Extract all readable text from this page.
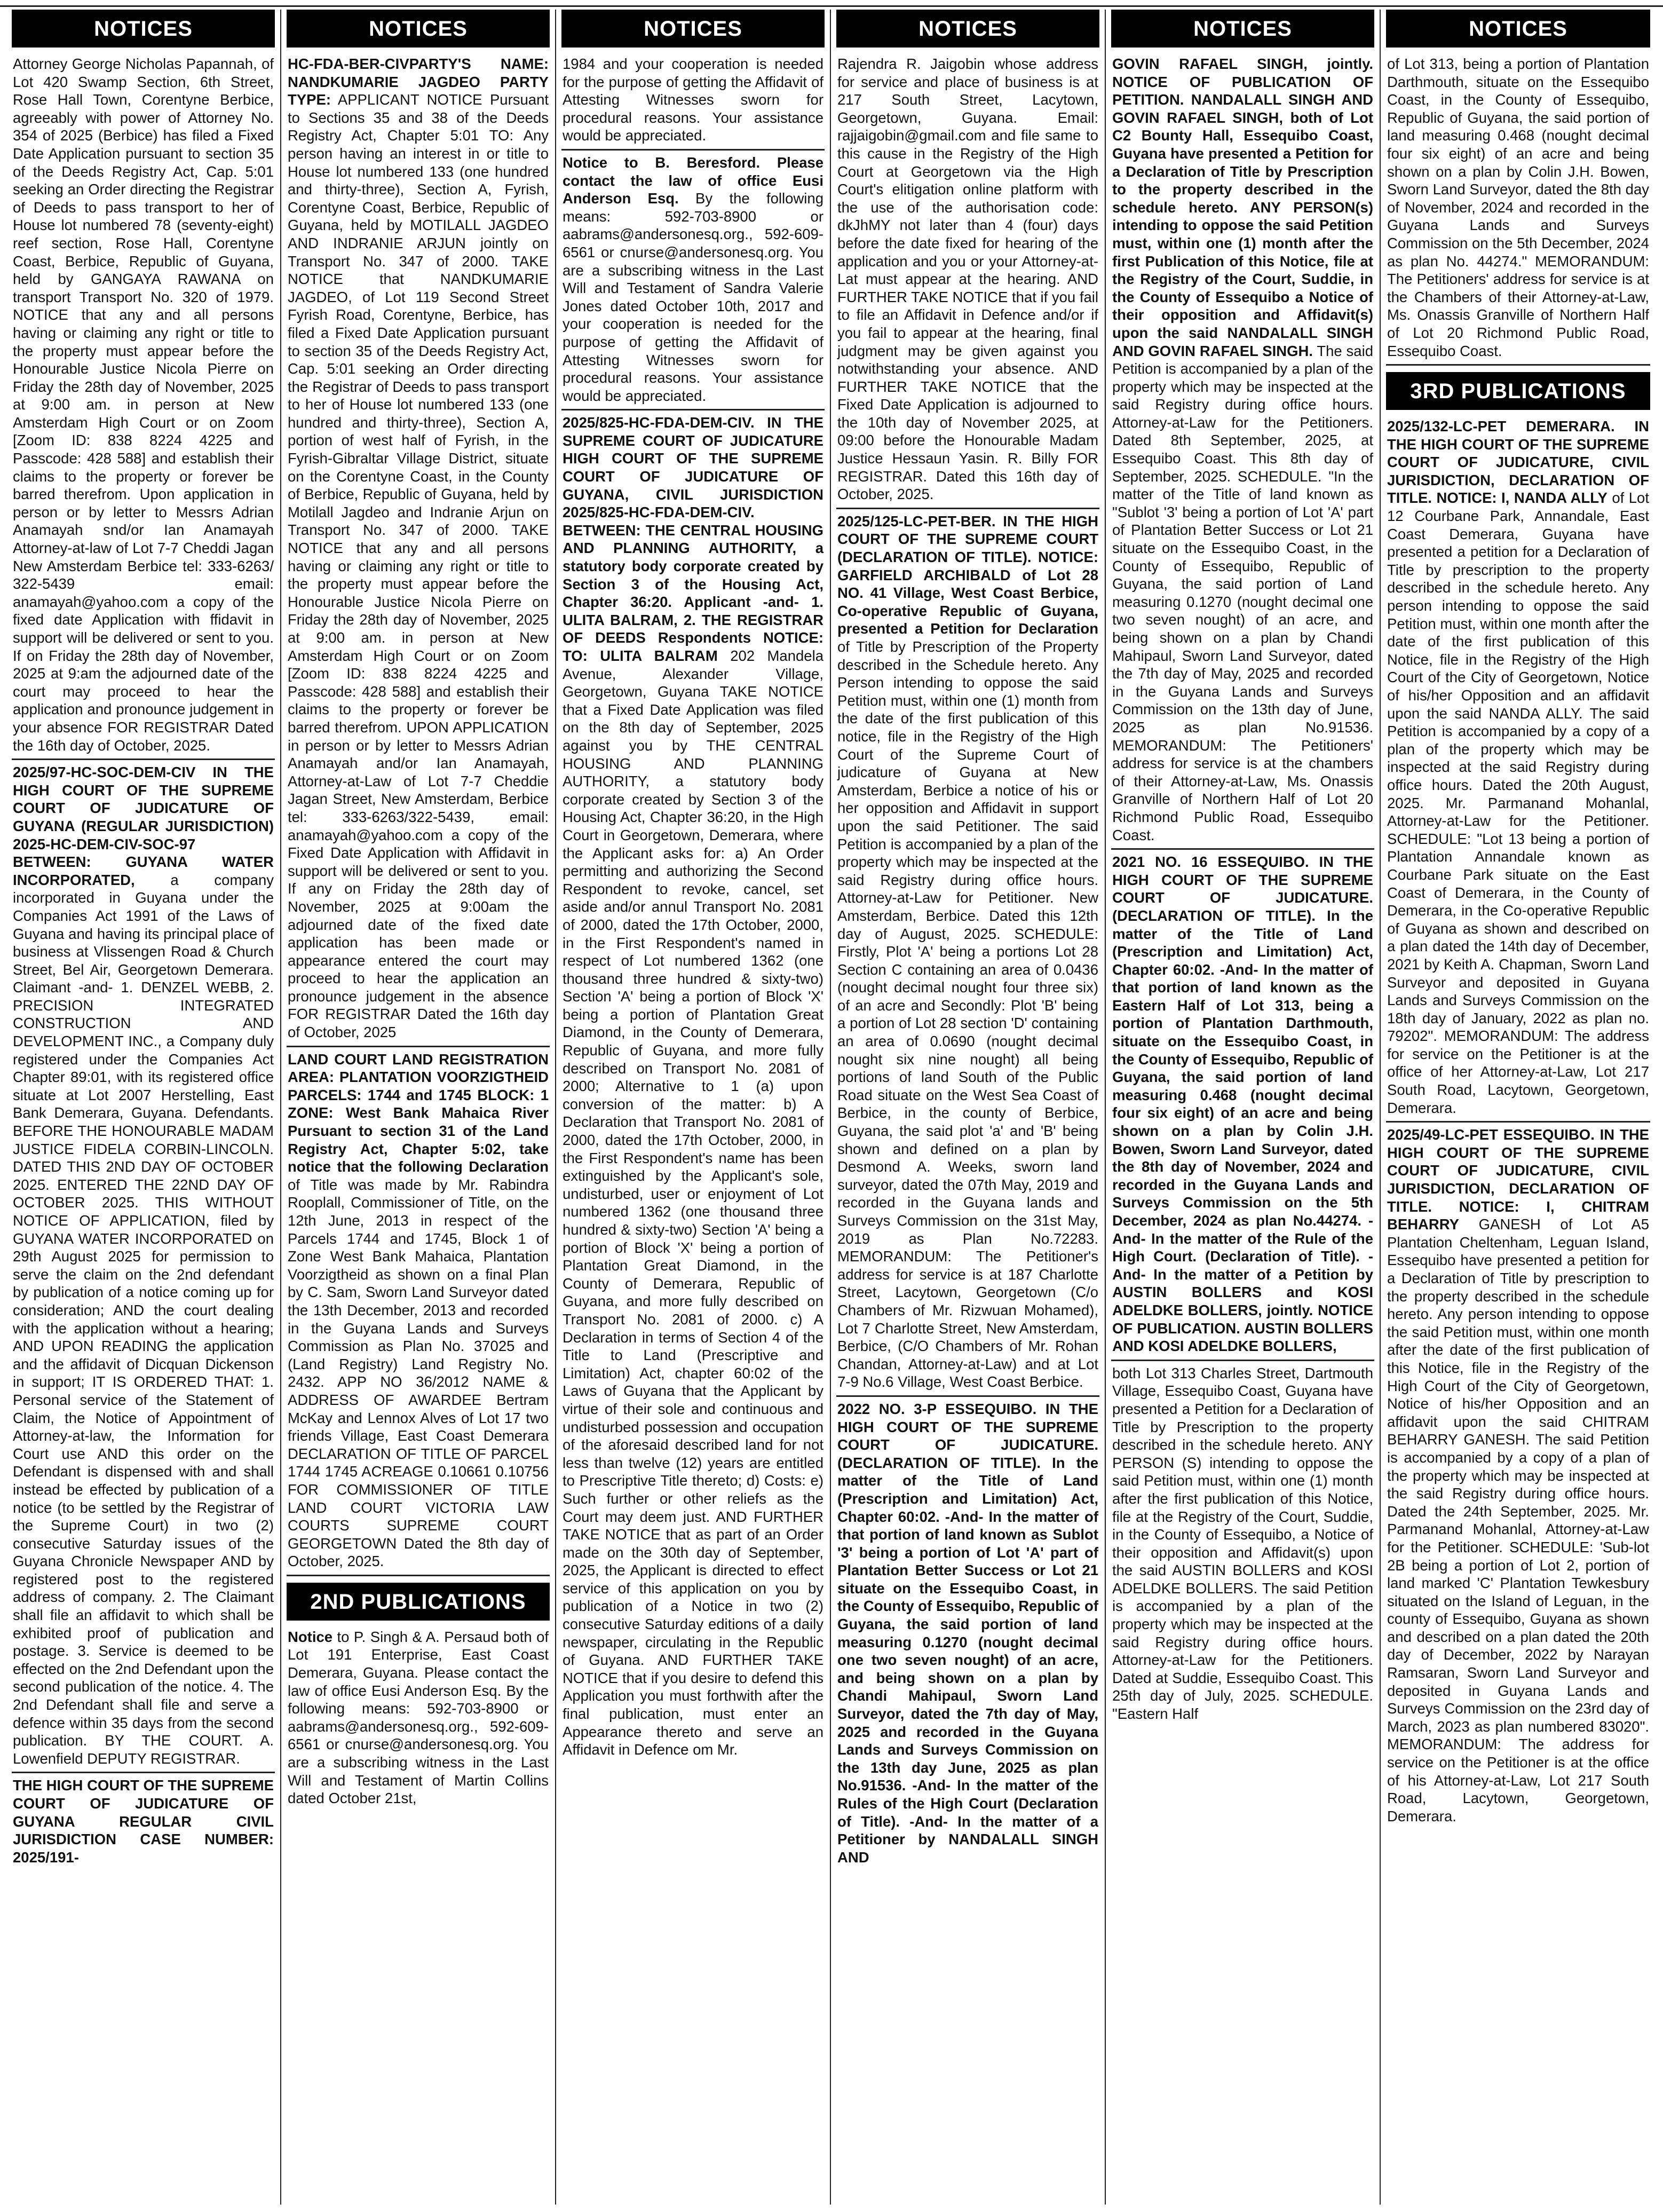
NOTICES

Attorney George Nicholas Papannah, of Lot 420 Swamp Section, 6th Street, Rose Hall Town, Corentyne Berbice, agreeably with power of Attorney No. 354 of 2025 (Berbice) has filed a Fixed Date Application pursuant to section 35 of the Deeds Registry Act, Cap. 5:01 seeking an Order directing the Registrar of Deeds to pass transport to her of House lot numbered 78 (seventy-eight) reef section, Rose Hall, Corentyne Coast, Berbice, Republic of Guyana, held by GANGAYA RAWANA on transport Transport No. 320 of 1979. NOTICE that any and all persons having or claiming any right or title to the property must appear before the Honourable Justice Nicola Pierre on Friday the 28th day of November, 2025 at 9:00 am. in person at New Amsterdam High Court or on Zoom [Zoom ID: 838 8224 4225 and Passcode: 428 588] and establish their claims to the property or forever be barred therefrom. Upon application in person or by letter to Messrs Adrian Anamayah snd/or Ian Anamayah Attorney-at-law of Lot 7-7 Cheddi Jagan New Amsterdam Berbice tel: 333-6263/ 322-5439 email: anamayah@yahoo.com a copy of the fixed date Application with ffidavit in support will be delivered or sent to you. If on Friday the 28th day of November, 2025 at 9:am the adjourned date of the court may proceed to hear the application and pronounce judgement in your absence FOR REGISTRAR Dated the 16th day of October, 2025.

2025/97-HC-SOC-DEM-CIV IN THE HIGH COURT OF THE SUPREME COURT OF JUDICATURE OF GUYANA (REGULAR JURISDICTION) 2025-HC-DEM-CIV-SOC-97 BETWEEN: GUYANA WATER INCORPORATED, a company incorporated in Guyana under the Companies Act 1991 of the Laws of Guyana and having its principal place of business at Vlissengen Road & Church Street, Bel Air, Georgetown Demerara. Claimant -and- 1. DENZEL WEBB, 2. PRECISION INTEGRATED CONSTRUCTION AND DEVELOPMENT INC., a Company duly registered under the Companies Act Chapter 89:01, with its registered office situate at Lot 2007 Herstelling, East Bank Demerara, Guyana. Defendants. BEFORE THE HONOURABLE MADAM JUSTICE FIDELA CORBIN-LINCOLN. DATED THIS 2ND DAY OF OCTOBER 2025. ENTERED THE 22ND DAY OF OCTOBER 2025. THIS WITHOUT NOTICE OF APPLICATION, filed by GUYANA WATER INCORPORATED on 29th August 2025 for permission to serve the claim on the 2nd defendant by publication of a notice coming up for consideration; AND the court dealing with the application without a hearing; AND UPON READING the application and the affidavit of Dicquan Dickenson in support; IT IS ORDERED THAT: 1. Personal service of the Statement of Claim, the Notice of Appointment of Attorney-at-law, the Information for Court use AND this order on the Defendant is dispensed with and shall instead be effected by publication of a notice (to be settled by the Registrar of the Supreme Court) in two (2) consecutive Saturday issues of the Guyana Chronicle Newspaper AND by registered post to the registered address of company. 2. The Claimant shall file an affidavit to which shall be exhibited proof of publication and postage. 3. Service is deemed to be effected on the 2nd Defendant upon the second publication of the notice. 4. The 2nd Defendant shall file and serve a defence within 35 days from the second publication. BY THE COURT. A. Lowenfield DEPUTY REGISTRAR.

THE HIGH COURT OF THE SUPREME COURT OF JUDICATURE OF GUYANA REGULAR CIVIL JURISDICTION CASE NUMBER: 2025/191-

NOTICES

HC-FDA-BER-CIVPARTY'S NAME: NANDKUMARIE JAGDEO PARTY TYPE: APPLICANT NOTICE Pursuant to Sections 35 and 38 of the Deeds Registry Act, Chapter 5:01 TO: Any person having an interest in or title to House lot numbered 133 (one hundred and thirty-three), Section A, Fyrish, Corentyne Coast, Berbice, Republic of Guyana, held by MOTILALL JAGDEO AND INDRANIE ARJUN jointly on Transport No. 347 of 2000. TAKE NOTICE that NANDKUMARIE JAGDEO, of Lot 119 Second Street Fyrish Road, Corentyne, Berbice, has filed a Fixed Date Application pursuant to section 35 of the Deeds Registry Act, Cap. 5:01 seeking an Order directing the Registrar of Deeds to pass transport to her of House lot numbered 133 (one hundred and thirty-three), Section A, portion of west half of Fyrish, in the Fyrish-Gibraltar Village District, situate on the Corentyne Coast, in the County of Berbice, Republic of Guyana, held by Motilall Jagdeo and Indranie Arjun on Transport No. 347 of 2000. TAKE NOTICE that any and all persons having or claiming any right or title to the property must appear before the Honourable Justice Nicola Pierre on Friday the 28th day of November, 2025 at 9:00 am. in person at New Amsterdam High Court or on Zoom [Zoom ID: 838 8224 4225 and Passcode: 428 588] and establish their claims to the property or forever be barred therefrom. UPON APPLICATION in person or by letter to Messrs Adrian Anamayah and/or Ian Anamayah, Attorney-at-Law of Lot 7-7 Cheddie Jagan Street, New Amsterdam, Berbice tel: 333-6263/322-5439, email: anamayah@yahoo.com a copy of the Fixed Date Application with Affidavit in support will be delivered or sent to you. If any on Friday the 28th day of November, 2025 at 9:00am the adjourned date of the fixed date application has been made or appearance entered the court may proceed to hear the application an pronounce judgement in the absence FOR REGISTRAR Dated the 16th day of October, 2025

LAND COURT LAND REGISTRATION AREA: PLANTATION VOORZIGTHEID PARCELS: 1744 and 1745 BLOCK: 1 ZONE: West Bank Mahaica River Pursuant to section 31 of the Land Registry Act, Chapter 5:02, take notice that the following Declaration of Title was made by Mr. Rabindra Rooplall, Commissioner of Title, on the 12th June, 2013 in respect of the Parcels 1744 and 1745, Block 1 of Zone West Bank Mahaica, Plantation Voorzigtheid as shown on a final Plan by C. Sam, Sworn Land Surveyor dated the 13th December, 2013 and recorded in the Guyana Lands and Surveys Commission as Plan No. 37025 and (Land Registry) Land Registry No. 2432. APP NO 36/2012 NAME & ADDRESS OF AWARDEE Bertram McKay and Lennox Alves of Lot 17 two friends Village, East Coast Demerara DECLARATION OF TITLE OF PARCEL 1744 1745 ACREAGE 0.10661 0.10756 FOR COMMISSIONER OF TITLE LAND COURT VICTORIA LAW COURTS SUPREME COURT GEORGETOWN Dated the 8th day of October, 2025.

2ND PUBLICATIONS

Notice to P. Singh & A. Persaud both of Lot 191 Enterprise, East Coast Demerara, Guyana. Please contact the law of office Eusi Anderson Esq. By the following means: 592-703-8900 or aabrams@andersonesq.org., 592-609-6561 or cnurse@andersonesq.org. You are a subscribing witness in the Last Will and Testament of Martin Collins dated October 21st,

NOTICES

1984 and your cooperation is needed for the purpose of getting the Affidavit of Attesting Witnesses sworn for procedural reasons. Your assistance would be appreciated.

Notice to B. Beresford. Please contact the law of office Eusi Anderson Esq. By the following means: 592-703-8900 or aabrams@andersonesq.org., 592-609-6561 or cnurse@andersonesq.org. You are a subscribing witness in the Last Will and Testament of Sandra Valerie Jones dated October 10th, 2017 and your cooperation is needed for the purpose of getting the Affidavit of Attesting Witnesses sworn for procedural reasons. Your assistance would be appreciated.

2025/825-HC-FDA-DEM-CIV. IN THE SUPREME COURT OF JUDICATURE HIGH COURT OF THE SUPREME COURT OF JUDICATURE OF GUYANA, CIVIL JURISDICTION 2025/825-HC-FDA-DEM-CIV. BETWEEN: THE CENTRAL HOUSING AND PLANNING AUTHORITY, a statutory body corporate created by Section 3 of the Housing Act, Chapter 36:20. Applicant -and- 1. ULITA BALRAM, 2. THE REGISTRAR OF DEEDS Respondents NOTICE: TO: ULITA BALRAM 202 Mandela Avenue, Alexander Village, Georgetown, Guyana TAKE NOTICE that a Fixed Date Application was filed on the 8th day of September, 2025 against you by THE CENTRAL HOUSING AND PLANNING AUTHORITY, a statutory body corporate created by Section 3 of the Housing Act, Chapter 36:20, in the High Court in Georgetown, Demerara, where the Applicant asks for: a) An Order permitting and authorizing the Second Respondent to revoke, cancel, set aside and/or annul Transport No. 2081 of 2000, dated the 17th October, 2000, in the First Respondent's named in respect of Lot numbered 1362 (one thousand three hundred & sixty-two) Section 'A' being a portion of Block 'X' being a portion of Plantation Great Diamond, in the County of Demerara, Republic of Guyana, and more fully described on Transport No. 2081 of 2000; Alternative to 1 (a) upon conversion of the matter: b) A Declaration that Transport No. 2081 of 2000, dated the 17th October, 2000, in the First Respondent's name has been extinguished by the Applicant's sole, undisturbed, user or enjoyment of Lot numbered 1362 (one thousand three hundred & sixty-two) Section 'A' being a portion of Block 'X' being a portion of Plantation Great Diamond, in the County of Demerara, Republic of Guyana, and more fully described on Transport No. 2081 of 2000. c) A Declaration in terms of Section 4 of the Title to Land (Prescriptive and Limitation) Act, chapter 60:02 of the Laws of Guyana that the Applicant by virtue of their sole and continuous and undisturbed possession and occupation of the aforesaid described land for not less than twelve (12) years are entitled to Prescriptive Title thereto; d) Costs: e) Such further or other reliefs as the Court may deem just. AND FURTHER TAKE NOTICE that as part of an Order made on the 30th day of September, 2025, the Applicant is directed to effect service of this application on you by publication of a Notice in two (2) consecutive Saturday editions of a daily newspaper, circulating in the Republic of Guyana. AND FURTHER TAKE NOTICE that if you desire to defend this Application you must forthwith after the final publication, must enter an Appearance thereto and serve an Affidavit in Defence om Mr.

NOTICES

Rajendra R. Jaigobin whose address for service and place of business is at 217 South Street, Lacytown, Georgetown, Guyana. Email: rajjaigobin@gmail.com and file same to this cause in the Registry of the High Court at Georgetown via the High Court's elitigation online platform with the use of the authorisation code: dkJhMY not later than 4 (four) days before the date fixed for hearing of the application and you or your Attorney-at-Lat must appear at the hearing. AND FURTHER TAKE NOTICE that if you fail to file an Affidavit in Defence and/or if you fail to appear at the hearing, final judgment may be given against you notwithstanding your absence. AND FURTHER TAKE NOTICE that the Fixed Date Application is adjourned to the 10th day of November 2025, at 09:00 before the Honourable Madam Justice Hessaun Yasin. R. Billy FOR REGISTRAR. Dated this 16th day of October, 2025.

2025/125-LC-PET-BER. IN THE HIGH COURT OF THE SUPREME COURT (DECLARATION OF TITLE). NOTICE: GARFIELD ARCHIBALD of Lot 28 NO. 41 Village, West Coast Berbice, Co-operative Republic of Guyana, presented a Petition for Declaration of Title by Prescription of the Property described in the Schedule hereto. Any Person intending to oppose the said Petition must, within one (1) month from the date of the first publication of this notice, file in the Registry of the High Court of the Supreme Court of judicature of Guyana at New Amsterdam, Berbice a notice of his or her opposition and Affidavit in support upon the said Petitioner. The said Petition is accompanied by a plan of the property which may be inspected at the said Registry during office hours. Attorney-at-Law for Petitioner. New Amsterdam, Berbice. Dated this 12th day of August, 2025. SCHEDULE: Firstly, Plot 'A' being a portions Lot 28 Section C containing an area of 0.0436 (nought decimal nought four three six) of an acre and Secondly: Plot 'B' being a portion of Lot 28 section 'D' containing an area of 0.0690 (nought decimal nought six nine nought) all being portions of land South of the Public Road situate on the West Sea Coast of Berbice, in the county of Berbice, Guyana, the said plot 'a' and 'B' being shown and defined on a plan by Desmond A. Weeks, sworn land surveyor, dated the 07th May, 2019 and recorded in the Guyana lands and Surveys Commission on the 31st May, 2019 as Plan No.72283. MEMORANDUM: The Petitioner's address for service is at 187 Charlotte Street, Lacytown, Georgetown (C/o Chambers of Mr. Rizwuan Mohamed), Lot 7 Charlotte Street, New Amsterdam, Berbice, (C/O Chambers of Mr. Rohan Chandan, Attorney-at-Law) and at Lot 7-9 No.6 Village, West Coast Berbice.

2022 NO. 3-P ESSEQUIBO. IN THE HIGH COURT OF THE SUPREME COURT OF JUDICATURE. (DECLARATION OF TITLE). In the matter of the Title of Land (Prescription and Limitation) Act, Chapter 60:02. -And- In the matter of that portion of land known as Sublot '3' being a portion of Lot 'A' part of Plantation Better Success or Lot 21 situate on the Essequibo Coast, in the County of Essequibo, Republic of Guyana, the said portion of land measuring 0.1270 (nought decimal one two seven nought) of an acre, and being shown on a plan by Chandi Mahipaul, Sworn Land Surveyor, dated the 7th day of May, 2025 and recorded in the Guyana Lands and Surveys Commission on the 13th day June, 2025 as plan No.91536. -And- In the matter of the Rules of the High Court (Declaration of Title). -And- In the matter of a Petitioner by NANDALALL SINGH AND

NOTICES

GOVIN RAFAEL SINGH, jointly. NOTICE OF PUBLICATION OF PETITION. NANDALALL SINGH AND GOVIN RAFAEL SINGH, both of Lot C2 Bounty Hall, Essequibo Coast, Guyana have presented a Petition for a Declaration of Title by Prescription to the property described in the schedule hereto. ANY PERSON(s) intending to oppose the said Petition must, within one (1) month after the first Publication of this Notice, file at the Registry of the Court, Suddie, in the County of Essequibo a Notice of their opposition and Affidavit(s) upon the said NANDALALL SINGH AND GOVIN RAFAEL SINGH. The said Petition is accompanied by a plan of the property which may be inspected at the said Registry during office hours. Attorney-at-Law for the Petitioners. Dated 8th September, 2025, at Essequibo Coast. This 8th day of September, 2025. SCHEDULE. "In the matter of the Title of land known as "Sublot '3' being a portion of Lot 'A' part of Plantation Better Success or Lot 21 situate on the Essequibo Coast, in the County of Essequibo, Republic of Guyana, the said portion of Land measuring 0.1270 (nought decimal one two seven nought) of an acre, and being shown on a plan by Chandi Mahipaul, Sworn Land Surveyor, dated the 7th day of May, 2025 and recorded in the Guyana Lands and Surveys Commission on the 13th day of June, 2025 as plan No.91536. MEMORANDUM: The Petitioners' address for service is at the chambers of their Attorney-at-Law, Ms. Onassis Granville of Northern Half of Lot 20 Richmond Public Road, Essequibo Coast.

2021 NO. 16 ESSEQUIBO. IN THE HIGH COURT OF THE SUPREME COURT OF JUDICATURE. (DECLARATION OF TITLE). In the matter of the Title of Land (Prescription and Limitation) Act, Chapter 60:02. -And- In the matter of that portion of land known as the Eastern Half of Lot 313, being a portion of Plantation Darthmouth, situate on the Essequibo Coast, in the County of Essequibo, Republic of Guyana, the said portion of land measuring 0.468 (nought decimal four six eight) of an acre and being shown on a plan by Colin J.H. Bowen, Sworn Land Surveyor, dated the 8th day of November, 2024 and recorded in the Guyana Lands and Surveys Commission on the 5th December, 2024 as plan No.44274. -And- In the matter of the Rule of the High Court. (Declaration of Title). -And- In the matter of a Petition by AUSTIN BOLLERS and KOSI ADELDKE BOLLERS, jointly. NOTICE OF PUBLICATION. AUSTIN BOLLERS AND KOSI ADELDKE BOLLERS,

both Lot 313 Charles Street, Dartmouth Village, Essequibo Coast, Guyana have presented a Petition for a Declaration of Title by Prescription to the property described in the schedule hereto. ANY PERSON (S) intending to oppose the said Petition must, within one (1) month after the first publication of this Notice, file at the Registry of the Court, Suddie, in the County of Essequibo, a Notice of their opposition and Affidavit(s) upon the said AUSTIN BOLLERS and KOSI ADELDKE BOLLERS. The said Petition is accompanied by a plan of the property which may be inspected at the said Registry during office hours. Attorney-at-Law for the Petitioners. Dated at Suddie, Essequibo Coast. This 25th day of July, 2025. SCHEDULE. "Eastern Half

NOTICES

of Lot 313, being a portion of Plantation Darthmouth, situate on the Essequibo Coast, in the County of Essequibo, Republic of Guyana, the said portion of land measuring 0.468 (nought decimal four six eight) of an acre and being shown on a plan by Colin J.H. Bowen, Sworn Land Surveyor, dated the 8th day of November, 2024 and recorded in the Guyana Lands and Surveys Commission on the 5th December, 2024 as plan No. 44274." MEMORANDUM: The Petitioners' address for service is at the Chambers of their Attorney-at-Law, Ms. Onassis Granville of Northern Half of Lot 20 Richmond Public Road, Essequibo Coast.

3RD PUBLICATIONS

2025/132-LC-PET DEMERARA. IN THE HIGH COURT OF THE SUPREME COURT OF JUDICATURE, CIVIL JURISDICTION, DECLARATION OF TITLE. NOTICE: I, NANDA ALLY of Lot 12 Courbane Park, Annandale, East Coast Demerara, Guyana have presented a petition for a Declaration of Title by prescription to the property described in the schedule hereto. Any person intending to oppose the said Petition must, within one month after the date of the first publication of this Notice, file in the Registry of the High Court of the City of Georgetown, Notice of his/her Opposition and an affidavit upon the said NANDA ALLY. The said Petition is accompanied by a copy of a plan of the property which may be inspected at the said Registry during office hours. Dated the 20th August, 2025. Mr. Parmanand Mohanlal, Attorney-at-Law for the Petitioner. SCHEDULE: "Lot 13 being a portion of Plantation Annandale known as Courbane Park situate on the East Coast of Demerara, in the County of Demerara, in the Co-operative Republic of Guyana as shown and described on a plan dated the 14th day of December, 2021 by Keith A. Chapman, Sworn Land Surveyor and deposited in Guyana Lands and Surveys Commission on the 18th day of January, 2022 as plan no. 79202". MEMORANDUM: The address for service on the Petitioner is at the office of her Attorney-at-Law, Lot 217 South Road, Lacytown, Georgetown, Demerara.

2025/49-LC-PET ESSEQUIBO. IN THE HIGH COURT OF THE SUPREME COURT OF JUDICATURE, CIVIL JURISDICTION, DECLARATION OF TITLE. NOTICE: I, CHITRAM BEHARRY GANESH of Lot A5 Plantation Cheltenham, Leguan Island, Essequibo have presented a petition for a Declaration of Title by prescription to the property described in the schedule hereto. Any person intending to oppose the said Petition must, within one month after the date of the first publication of this Notice, file in the Registry of the High Court of the City of Georgetown, Notice of his/her Opposition and an affidavit upon the said CHITRAM BEHARRY GANESH. The said Petition is accompanied by a copy of a plan of the property which may be inspected at the said Registry during office hours. Dated the 24th September, 2025. Mr. Parmanand Mohanlal, Attorney-at-Law for the Petitioner. SCHEDULE: 'Sub-lot 2B being a portion of Lot 2, portion of land marked 'C' Plantation Tewkesbury situated on the Island of Leguan, in the county of Essequibo, Guyana as shown and described on a plan dated the 20th day of December, 2022 by Narayan Ramsaran, Sworn Land Surveyor and deposited in Guyana Lands and Surveys Commission on the 23rd day of March, 2023 as plan numbered 83020". MEMORANDUM: The address for service on the Petitioner is at the office of his Attorney-at-Law, Lot 217 South Road, Lacytown, Georgetown, Demerara.
